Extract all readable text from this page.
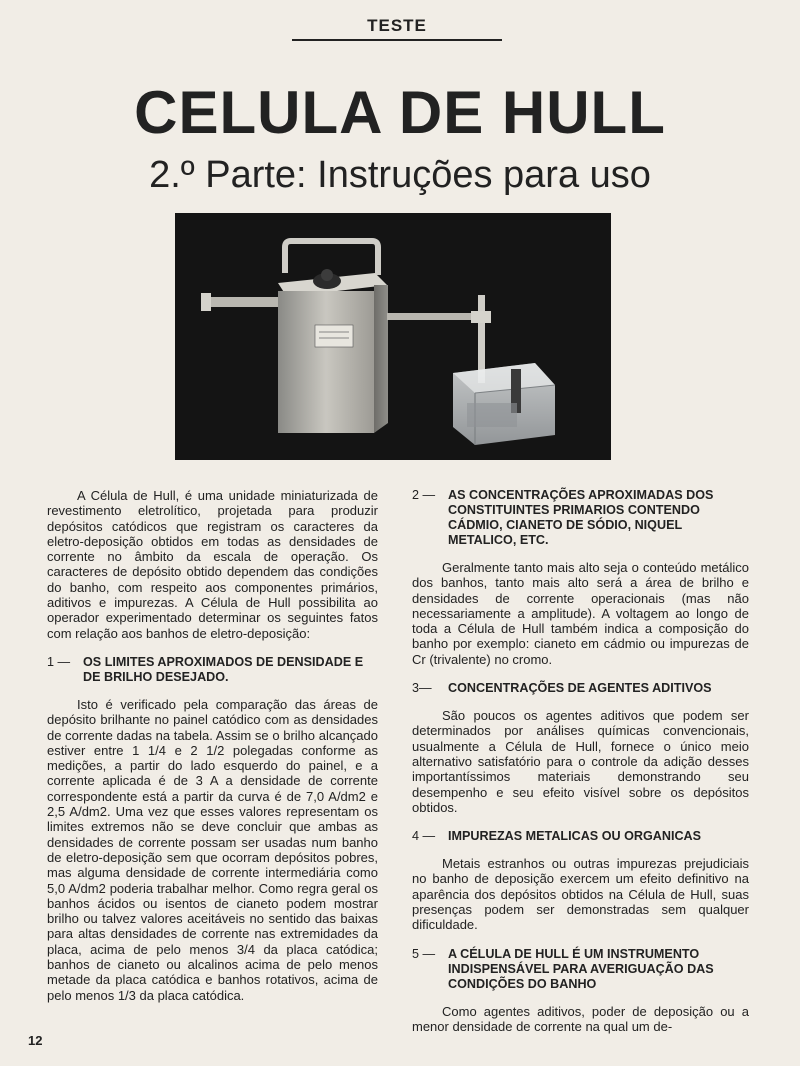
TESTE
CELULA DE HULL
2.º Parte: Instruções para uso

A Célula de Hull, é uma unidade miniaturizada de revestimento eletrolítico, projetada para produzir depósitos catódicos que registram os caracteres da eletro-deposição obtidos em todas as densidades de corrente no âmbito da escala de operação. Os caracteres de depósito obtido dependem das condições do banho, com respeito aos componentes primários, aditivos e impurezas. A Célula de Hull possibilita ao operador experimentado determinar os seguintes fatos com relação aos banhos de eletro-deposição:

1 —	OS LIMITES APROXIMADOS DE DENSIDADE E DE BRILHO DESEJADO.

Isto é verificado pela comparação das áreas de depósito brilhante no painel catódico com as densidades de corrente dadas na tabela. Assim se o brilho alcançado estiver entre 1 1/4 e 2 1/2 polegadas conforme as medições, a partir do lado esquerdo do painel, e a corrente aplicada é de 3 A a densidade de corrente correspondente está a partir da curva é de 7,0 A/dm2 e 2,5 A/dm2. Uma vez que esses valores representam os limites extremos não se deve concluir que ambas as densidades de corrente possam ser usadas num banho de eletro-deposição sem que ocorram depósitos pobres, mas alguma densidade de corrente intermediária como 5,0 A/dm2 poderia trabalhar melhor. Como regra geral os banhos ácidos ou isentos de cianeto podem mostrar brilho ou talvez valores aceitáveis no sentido das baixas para altas densidades de corrente nas extremidades da placa, acima de pelo menos 3/4 da placa catódica; banhos de cianeto ou alcalinos acima de pelo menos metade da placa catódica e banhos rotativos, acima de pelo menos 1/3 da placa catódica.

2 —	AS CONCENTRAÇÕES APROXIMADAS DOS CONSTITUINTES PRIMARIOS CONTENDO CÁDMIO, CIANETO DE SÓDIO, NIQUEL METALICO, ETC.

Geralmente tanto mais alto seja o conteúdo metálico dos banhos, tanto mais alto será a área de brilho e densidades de corrente operacionais (mas não necessariamente a amplitude). A voltagem ao longo de toda a Célula de Hull também indica a composição do banho por exemplo: cianeto em cádmio ou impurezas de Cr (trivalente) no cromo.

3—	CONCENTRAÇÕES DE AGENTES ADITIVOS

São poucos os agentes aditivos que podem ser determinados por análises químicas convencionais, usualmente a Célula de Hull, fornece o único meio alternativo satisfatório para o controle da adição desses importantíssimos materiais demonstrando seu desempenho e seu efeito visível sobre os depósitos obtidos.

4 —	IMPUREZAS METALICAS OU ORGANICAS

Metais estranhos ou outras impurezas prejudiciais no banho de deposição exercem um efeito definitivo na aparência dos depósitos obtidos na Célula de Hull, suas presenças podem ser demonstradas sem qualquer dificuldade.

5 —	A CÉLULA DE HULL É UM INSTRUMENTO INDISPENSÁVEL PARA AVERIGUAÇÃO DAS CONDIÇÕES DO BANHO

Como agentes aditivos, poder de deposição ou a menor densidade de corrente na qual um de-

12
